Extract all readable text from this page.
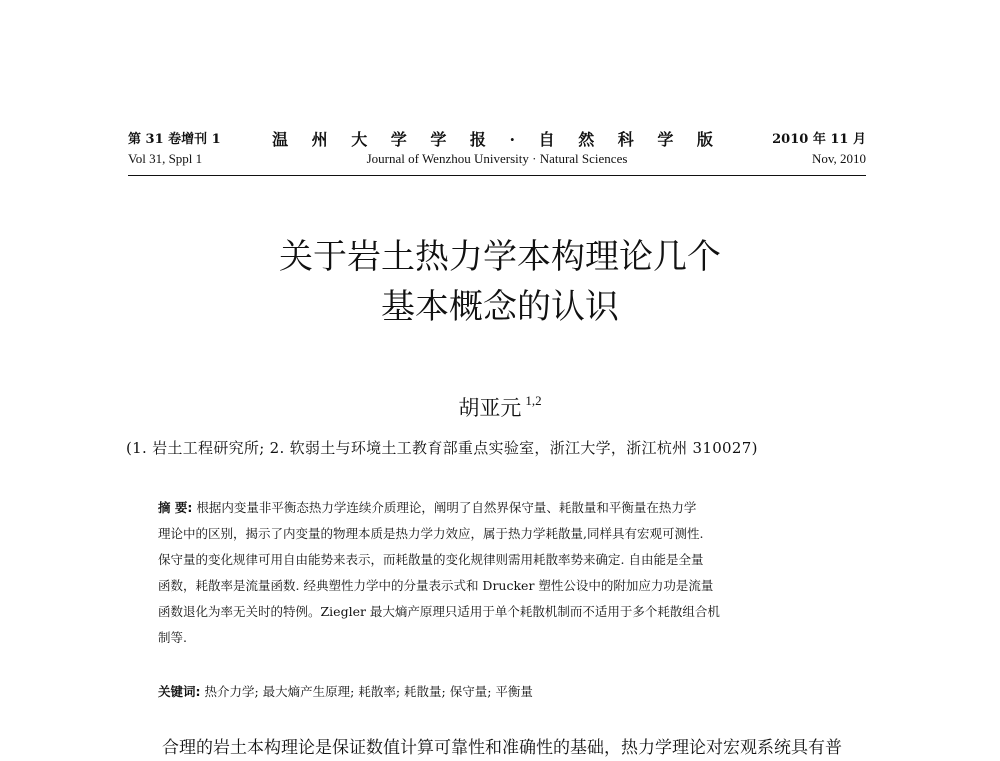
第 31 卷增刊 1
Vol 31, Sppl 1
温 州 大 学 学 报 · 自 然 科 学 版
Journal of Wenzhou University · Natural Sciences
2010 年 11 月
Nov, 2010
关于岩土热力学本构理论几个
基本概念的认识
胡亚元 $^{1,2}$
(1. 岩土工程研究所; 2. 软弱土与环境土工教育部重点实验室，浙江大学，浙江杭州 310027)
摘 要: 根据内变量非平衡态热力学连续介质理论，阐明了自然界保守量、耗散量和平衡量在热力学
理论中的区别，揭示了内变量的物理本质是热力学力效应，属于热力学耗散量,同样具有宏观可测性.
保守量的变化规律可用自由能势来表示，而耗散量的变化规律则需用耗散率势来确定. 自由能是全量
函数，耗散率是流量函数. 经典塑性力学中的分量表示式和 Drucker 塑性公设中的附加应力功是流量
函数退化为率无关时的特例。Ziegler 最大熵产原理只适用于单个耗散机制而不适用于多个耗散组合机
制等.
关键词: 热介力学; 最大熵产生原理; 耗散率; 耗散量; 保守量; 平衡量
合理的岩土本构理论是保证数值计算可靠性和准确性的基础，热力学理论对宏观系统具有普
